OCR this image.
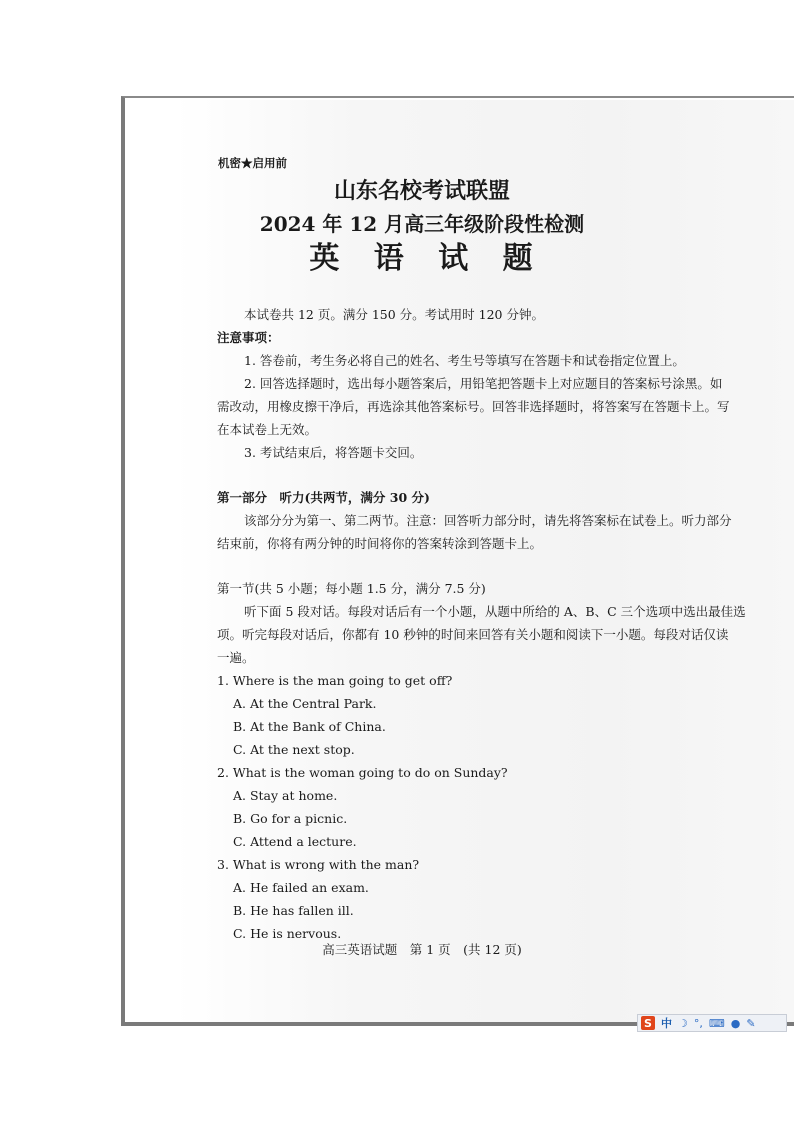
机密★启用前
山东名校考试联盟
2024 年 12 月高三年级阶段性检测
英 语 试 题
本试卷共 12 页。满分 150 分。考试用时 120 分钟。
注意事项：
1. 答卷前，考生务必将自己的姓名、考生号等填写在答题卡和试卷指定位置上。
2. 回答选择题时，选出每小题答案后，用铅笔把答题卡上对应题目的答案标号涂黑。如
需改动，用橡皮擦干净后，再选涂其他答案标号。回答非选择题时，将答案写在答题卡上。写
在本试卷上无效。
3. 考试结束后，将答题卡交回。
第一部分　听力(共两节，满分 30 分)
该部分分为第一、第二两节。注意：回答听力部分时，请先将答案标在试卷上。听力部分
结束前，你将有两分钟的时间将你的答案转涂到答题卡上。
第一节(共 5 小题；每小题 1.5 分，满分 7.5 分)
听下面 5 段对话。每段对话后有一个小题，从题中所给的 A、B、C 三个选项中选出最佳选
项。听完每段对话后，你都有 10 秒钟的时间来回答有关小题和阅读下一小题。每段对话仅读
一遍。
1. Where is the man going to get off?
A. At the Central Park.
B. At the Bank of China.
C. At the next stop.
2. What is the woman going to do on Sunday?
A. Stay at home.
B. Go for a picnic.
C. Attend a lecture.
3. What is wrong with the man?
A. He failed an exam.
B. He has fallen ill.
C. He is nervous.
高三英语试题　第 1 页　(共 12 页)
S 中 ☽ °, ⌨ ● ✎
